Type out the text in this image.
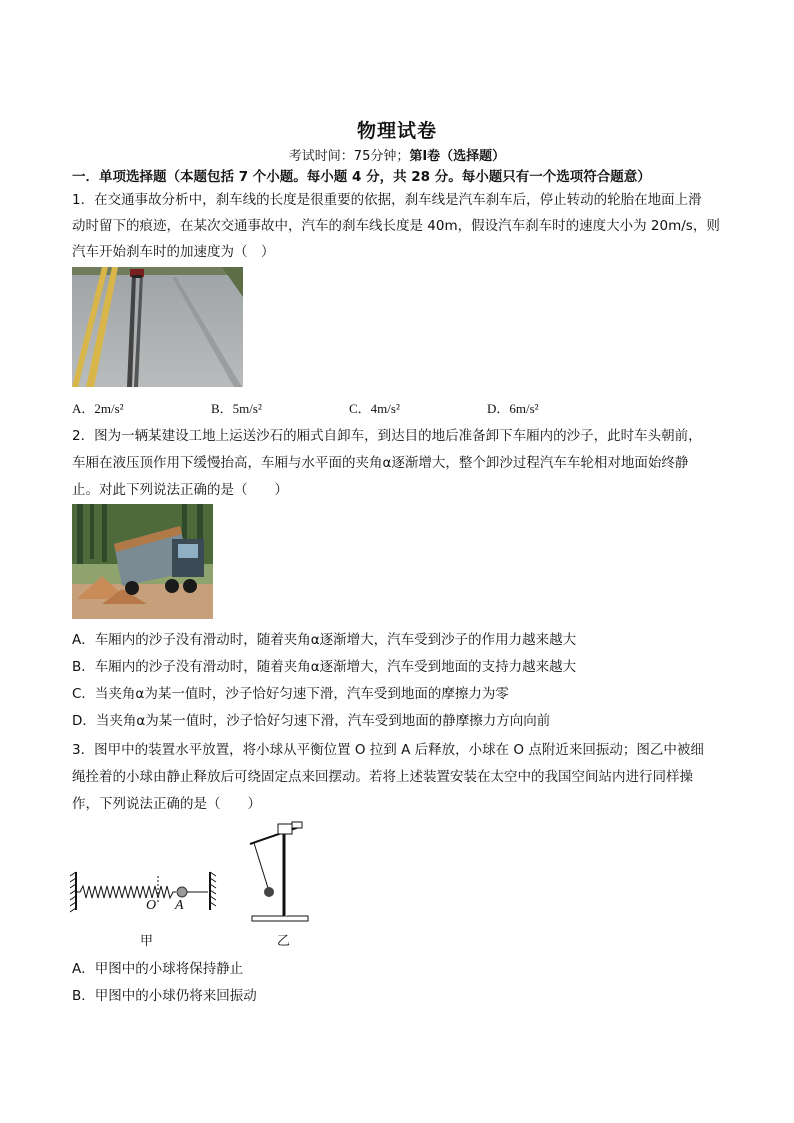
物理试卷
考试时间：75分钟；第Ⅰ卷（选择题）
一．单项选择题（本题包括 7 个小题。每小题 4 分，共 28 分。每小题只有一个选项符合题意）
1．在交通事故分析中，刹车线的长度是很重要的依据，刹车线是汽车刹车后，停止转动的轮胎在地面上滑
动时留下的痕迹，在某次交通事故中，汽车的刹车线长度是 40m，假设汽车刹车时的速度大小为 20m/s，则
汽车开始刹车时的加速度为（　）
A．2m/s²	B．5m/s²	C．4m/s²	D．6m/s²
2．图为一辆某建设工地上运送沙石的厢式自卸车，到达目的地后准备卸下车厢内的沙子，此时车头朝前，
车厢在液压顶作用下缓慢抬高，车厢与水平面的夹角α逐渐增大，整个卸沙过程汽车车轮相对地面始终静
止。对此下列说法正确的是（　　）
A．车厢内的沙子没有滑动时，随着夹角α逐渐增大，汽车受到沙子的作用力越来越大
B．车厢内的沙子没有滑动时，随着夹角α逐渐增大，汽车受到地面的支持力越来越大
C．当夹角α为某一值时，沙子恰好匀速下滑，汽车受到地面的摩擦力为零
D．当夹角α为某一值时，沙子恰好匀速下滑，汽车受到地面的静摩擦力方向向前
3．图甲中的装置水平放置，将小球从平衡位置 O 拉到 A 后释放，小球在 O 点附近来回振动；图乙中被细
绳拴着的小球由静止释放后可绕固定点来回摆动。若将上述装置安装在太空中的我国空间站内进行同样操
作，下列说法正确的是（　　）
O A
甲	乙
A．甲图中的小球将保持静止
B．甲图中的小球仍将来回振动
